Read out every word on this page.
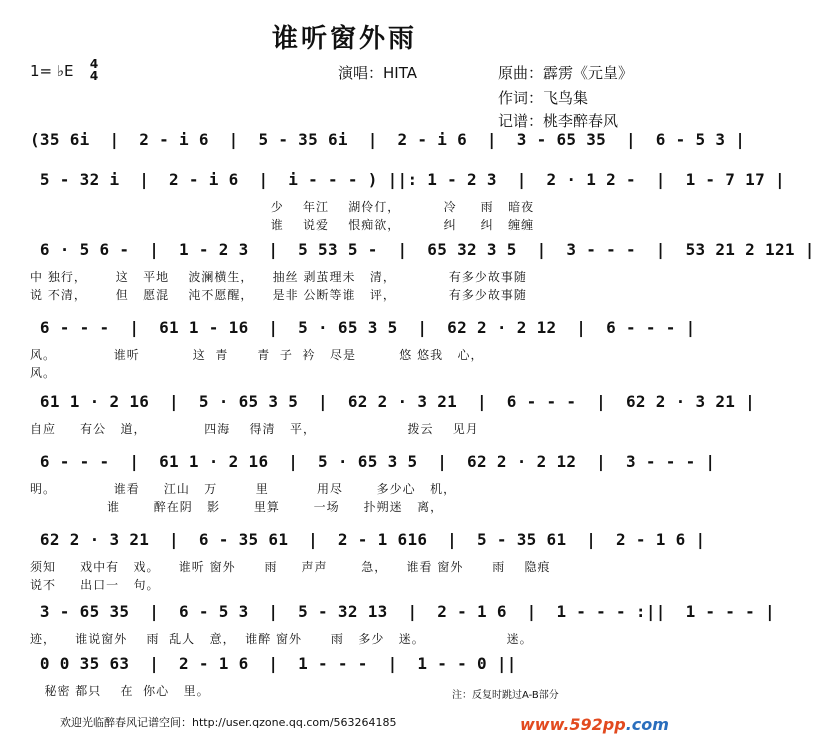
谁听窗外雨
1= ♭E 4
4	演唱：HITA	原曲：霹雳《元皇》
作词：飞鸟集
记谱：桃李醉春风
(35 6i  |  2 - i 6  |  5 - 35 6i  |  2 - i 6  |  3 - 65 35  |  6 - 5 3 |
5 - 32 i  |  2 - i 6  |  i - - - ) ||: 1 - 2 3  |  2 · 1 2 -  |  1 - 7 17 |
少    年江    湖伶仃，         冷     雨   暗夜
谁    说爱    恨痴欲，         纠     纠   缠缠
6 · 5 6 -  |  1 - 2 3  |  5 53 5 -  |  65 32 3 5  |  3 - - -  |  53 21 2 121 |
中 独行，      这   平地    波澜横生，    抽丝 剥茧理未   清，           有多少故事随
说 不清，      但   愿混    沌不愿醒，    是非 公断等谁   评，           有多少故事随
6 - - -  |  61 1 - 16  |  5 · 65 3 5  |  62 2 · 2 12  |  6 - - - |
风。            谁听           这  青      青  子  衿   尽是         悠 悠我   心，
风。
61 1 · 2 16  |  5 · 65 3 5  |  62 2 · 3 21  |  6 - - -  |  62 2 · 3 21 |
自应     有公   道，            四海    得清   平，                   拨云    见月
6 - - -  |  61 1 · 2 16  |  5 · 65 3 5  |  62 2 · 2 12  |  3 - - - |
明。            谁看     江山   万        里          用尽       多少心   机，
谁       醉在阴   影       里算       一场     扑朔迷   离，
62 2 · 3 21  |  6 - 35 61  |  2 - 1 616  |  5 - 35 61  |  2 - 1 6 |
须知     戏中有   戏。    谁听 窗外      雨     声声       急，    谁看 窗外      雨    隐痕
说不     出口一   句。
3 - 65 35  |  6 - 5 3  |  5 - 32 13  |  2 - 1 6  |  1 - - - :||  1 - - - |
迹，    谁说窗外    雨  乱人   意，  谁醉 窗外      雨   多少   迷。                 迷。
0 0 35 63  |  2 - 1 6  |  1 - - -  |  1 - - 0 ||
秘密 都只    在  你心   里。	注：反复时跳过A-B部分
欢迎光临醉春风记谱空间：http://user.qzone.qq.com/563264185	www.592pp.com
